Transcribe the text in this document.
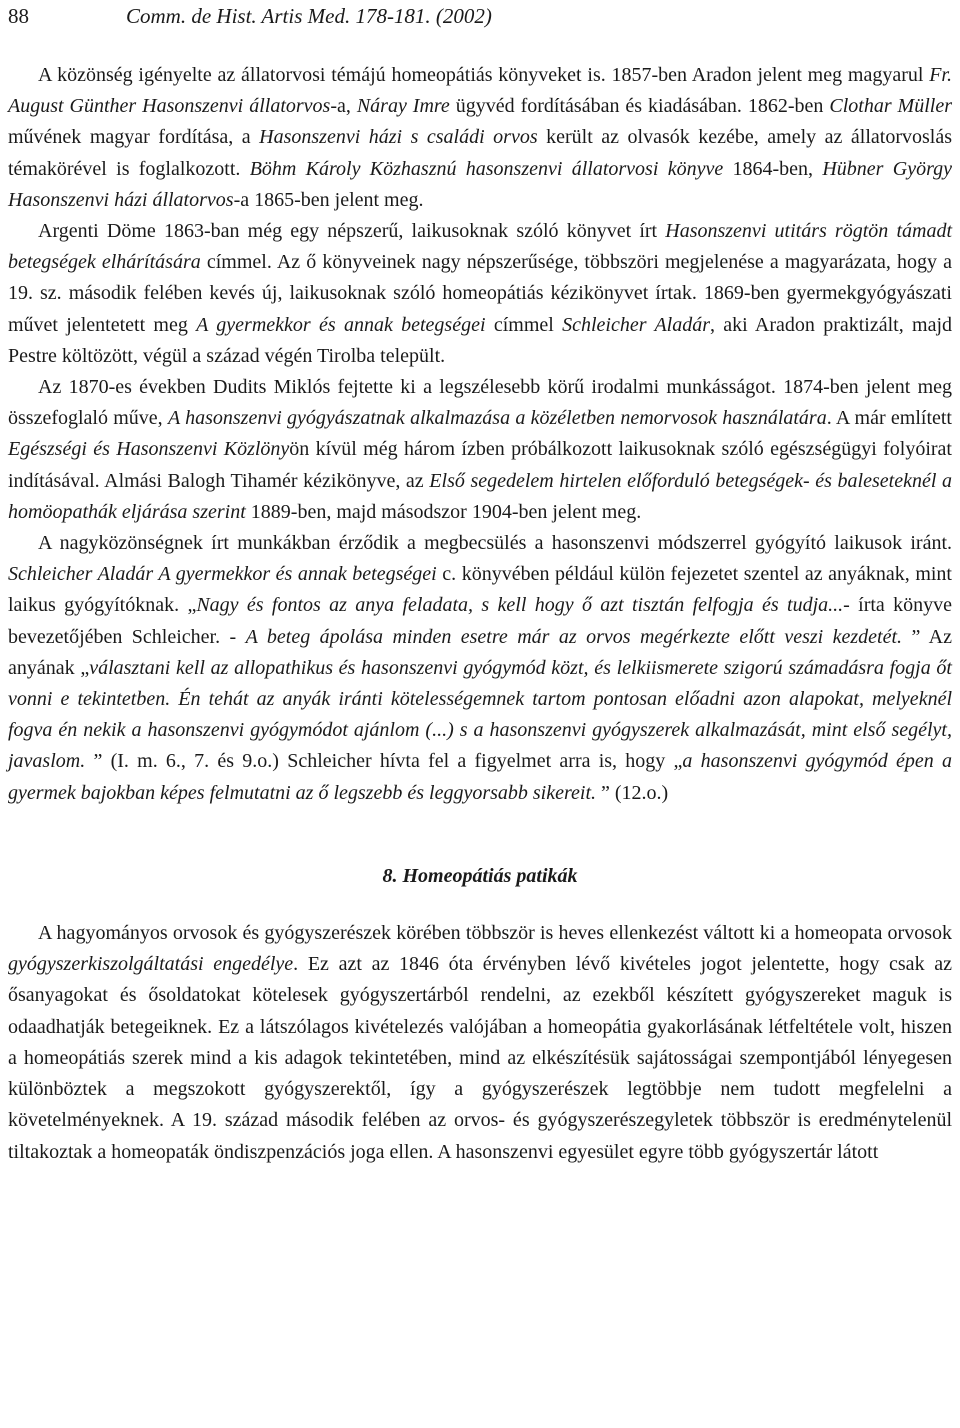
88	Comm. de Hist. Artis Med. 178-181. (2002)

A közönség igényelte az állatorvosi témájú homeopátiás könyveket is. 1857-ben Aradon jelent meg magyarul Fr. August Günther Hasonszenvi állatorvos-a, Náray Imre ügyvéd fordításában és kiadásában. 1862-ben Clothar Müller művének magyar fordítása, a Hasonszenvi házi s családi orvos került az olvasók kezébe, amely az állatorvoslás témakörével is foglalkozott. Böhm Károly Közhasznú hasonszenvi állatorvosi könyve 1864-ben, Hübner György Hasonszenvi házi állatorvos-a 1865-ben jelent meg.

Argenti Döme 1863-ban még egy népszerű, laikusoknak szóló könyvet írt Hasonszenvi utitárs rögtön támadt betegségek elhárítására címmel. Az ő könyveinek nagy népszerűsége, többszöri megjelenése a magyarázata, hogy a 19. sz. második felében kevés új, laikusoknak szóló homeopátiás kézikönyvet írtak. 1869-ben gyermekgyógyászati művet jelentetett meg A gyermekkor és annak betegségei címmel Schleicher Aladár, aki Aradon praktizált, majd Pestre költözött, végül a század végén Tirolba települt.

Az 1870-es években Dudits Miklós fejtette ki a legszélesebb körű irodalmi munkásságot. 1874-ben jelent meg összefoglaló műve, A hasonszenvi gyógyászatnak alkalmazása a közéletben nemorvosok használatára. A már említett Egészségi és Hasonszenvi Közlönyön kívül még három ízben próbálkozott laikusoknak szóló egészségügyi folyóirat indításával. Almási Balogh Tihamér kézikönyve, az Első segedelem hirtelen előforduló betegségek- és baleseteknél a homöopathák eljárása szerint 1889-ben, majd másodszor 1904-ben jelent meg.

A nagyközönségnek írt munkákban érződik a megbecsülés a hasonszenvi módszerrel gyógyító laikusok iránt. Schleicher Aladár A gyermekkor és annak betegségei c. könyvében például külön fejezetet szentel az anyáknak, mint laikus gyógyítóknak. „Nagy és fontos az anya feladata, s kell hogy ő azt tisztán felfogja és tudja...- írta könyve bevezetőjében Schleicher. - A beteg ápolása minden esetre már az orvos megérkezte előtt veszi kezdetét. ” Az anyának „választani kell az allopathikus és hasonszenvi gyógymód közt, és lelkiismerete szigorú számadásra fogja őt vonni e tekintetben. Én tehát az anyák iránti kötelességemnek tartom pontosan előadni azon alapokat, melyeknél fogva én nekik a hasonszenvi gyógymódot ajánlom (...) s a hasonszenvi gyógyszerek alkalmazását, mint első segélyt, javaslom. ” (I. m. 6., 7. és 9.o.) Schleicher hívta fel a figyelmet arra is, hogy „a hasonszenvi gyógymód épen a gyermek bajokban képes felmutatni az ő legszebb és leggyorsabb sikereit. ” (12.o.)

8. Homeopátiás patikák

A hagyományos orvosok és gyógyszerészek körében többször is heves ellenkezést váltott ki a homeopata orvosok gyógyszerkiszolgáltatási engedélye. Ez azt az 1846 óta érvényben lévő kivételes jogot jelentette, hogy csak az ősanyagokat és ősoldatokat kötelesek gyógyszertárból rendelni, az ezekből készített gyógyszereket maguk is odaadhatják betegeiknek. Ez a látszólagos kivételezés valójában a homeopátia gyakorlásának létfeltétele volt, hiszen a homeopátiás szerek mind a kis adagok tekintetében, mind az elkészítésük sajátosságai szempontjából lényegesen különböztek a megszokott gyógyszerektől, így a gyógyszerészek legtöbbje nem tudott megfelelni a követelményeknek. A 19. század második felében az orvos- és gyógyszerészegyletek többször is eredménytelenül tiltakoztak a homeopaták öndiszpenzációs joga ellen. A hasonszenvi egyesület egyre több gyógyszertár látott
